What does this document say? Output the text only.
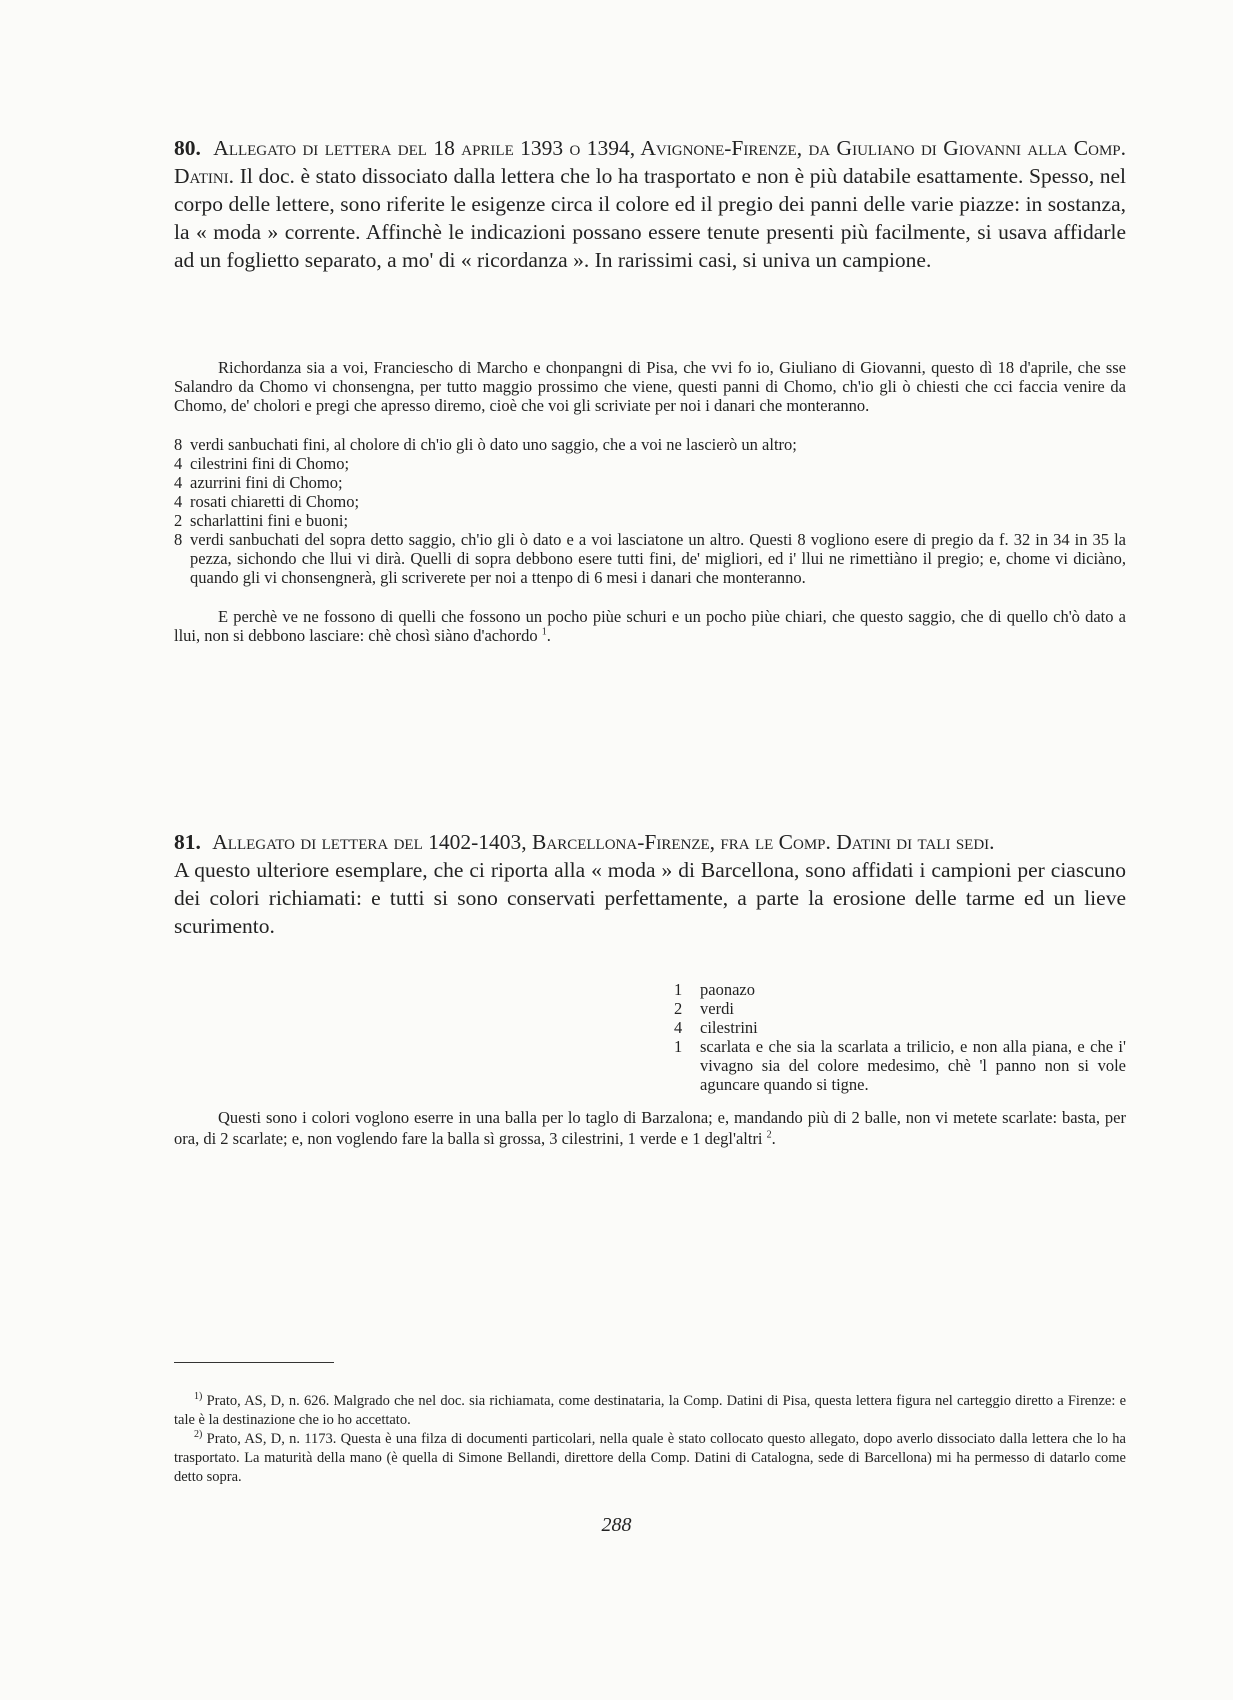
80. Allegato di lettera del 18 aprile 1393 o 1394, Avignone-Firenze, da Giuliano di Giovanni alla Comp. Datini. Il doc. è stato dissociato dalla lettera che lo ha trasportato e non è più databile esattamente. Spesso, nel corpo delle lettere, sono riferite le esigenze circa il colore ed il pregio dei panni delle varie piazze: in sostanza, la « moda » corrente. Affinchè le indicazioni possano essere tenute presenti più facilmente, si usava affidarle ad un foglietto separato, a mo' di « ricordanza ». In rarissimi casi, si univa un campione.

Richordanza sia a voi, Franciescho di Marcho e chonpangni di Pisa, che vvi fo io, Giuliano di Giovanni, questo dì 18 d'aprile, che sse Salandro da Chomo vi chonsengna, per tutto maggio prossimo che viene, questi panni di Chomo, ch'io gli ò chiesti che cci faccia venire da Chomo, de' cholori e pregi che apresso diremo, cioè che voi gli scriviate per noi i danari che monteranno.

8 verdi sanbuchati fini, al cholore di ch'io gli ò dato uno saggio, che a voi ne lascierò un altro;
4 cilestrini fini di Chomo;
4 azurrini fini di Chomo;
4 rosati chiaretti di Chomo;
2 scharlattini fini e buoni;
8 verdi sanbuchati del sopra detto saggio, ch'io gli ò dato e a voi lasciatone un altro. Questi 8 vogliono esere di pregio da f. 32 in 34 in 35 la pezza, sichondo che llui vi dirà. Quelli di sopra debbono esere tutti fini, de' migliori, ed i' llui ne rimettiàno il pregio; e, chome vi diciàno, quando gli vi chonsengnerà, gli scriverete per noi a ttenpo di 6 mesi i danari che monteranno.

E perchè ve ne fossono di quelli che fossono un pocho piùe schuri e un pocho piùe chiari, che questo saggio, che di quello ch'ò dato a llui, non si debbono lasciare: chè chosì siàno d'achordo $^1$.

81. Allegato di lettera del 1402-1403, Barcellona-Firenze, fra le Comp. Datini di tali sedi.
A questo ulteriore esemplare, che ci riporta alla « moda » di Barcellona, sono affidati i campioni per ciascuno dei colori richiamati: e tutti si sono conservati perfettamente, a parte la erosione delle tarme ed un lieve scurimento.
1 paonazo
2 verdi
4 cilestrini
1 scarlata e che sia la scarlata a trilicio, e non alla piana, e che i' vivagno sia del colore medesimo, chè 'l panno non si vole aguncare quando si tigne.

Questi sono i colori voglono eserre in una balla per lo taglo di Barzalona; e, mandando più di 2 balle, non vi metete scarlate: basta, per ora, di 2 scarlate; e, non voglendo fare la balla sì grossa, 3 cilestrini, 1 verde e 1 degl'altri $^2$.

$^{1)}$ Prato, AS, D, n. 626. Malgrado che nel doc. sia richiamata, come destinataria, la Comp. Datini di Pisa, questa lettera figura nel carteggio diretto a Firenze: e tale è la destinazione che io ho accettato.

$^{2)}$ Prato, AS, D, n. 1173. Questa è una filza di documenti particolari, nella quale è stato collocato questo allegato, dopo averlo dissociato dalla lettera che lo ha trasportato. La maturità della mano (è quella di Simone Bellandi, direttore della Comp. Datini di Catalogna, sede di Barcellona) mi ha permesso di datarlo come detto sopra.

288
